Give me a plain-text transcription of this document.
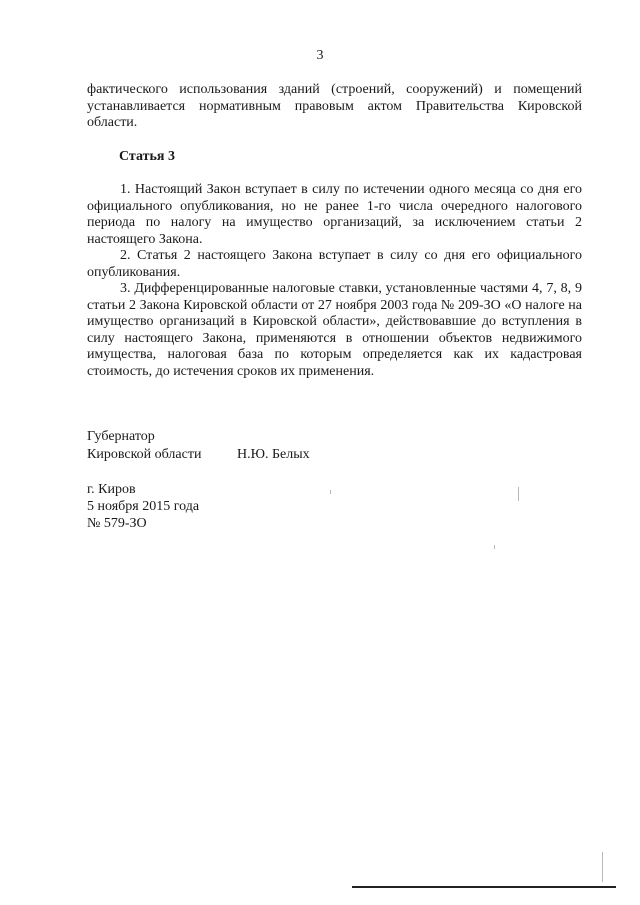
3

фактического использования зданий (строений, сооружений) и помещений устанавливается нормативным правовым актом Правительства Кировской области.

Статья 3

1. Настоящий Закон вступает в силу по истечении одного месяца со дня его официального опубликования, но не ранее 1-го числа очередного налогового периода по налогу на имущество организаций, за исключением статьи 2 настоящего Закона.

2. Статья 2 настоящего Закона вступает в силу со дня его официального опубликования.

3. Дифференцированные налоговые ставки, установленные частями 4, 7, 8, 9 статьи 2 Закона Кировской области от 27 ноября 2003 года № 209-ЗО «О налоге на имущество организаций в Кировской области», действовавшие до вступления в силу настоящего Закона, применяются в отношении объектов недвижимого имущества, налоговая база по которым определяется как их кадастровая стоимость, до истечения сроков их применения.

Губернатор
Кировской области	Н.Ю. Белых
г. Киров
5 ноября 2015 года
№ 579-ЗО
